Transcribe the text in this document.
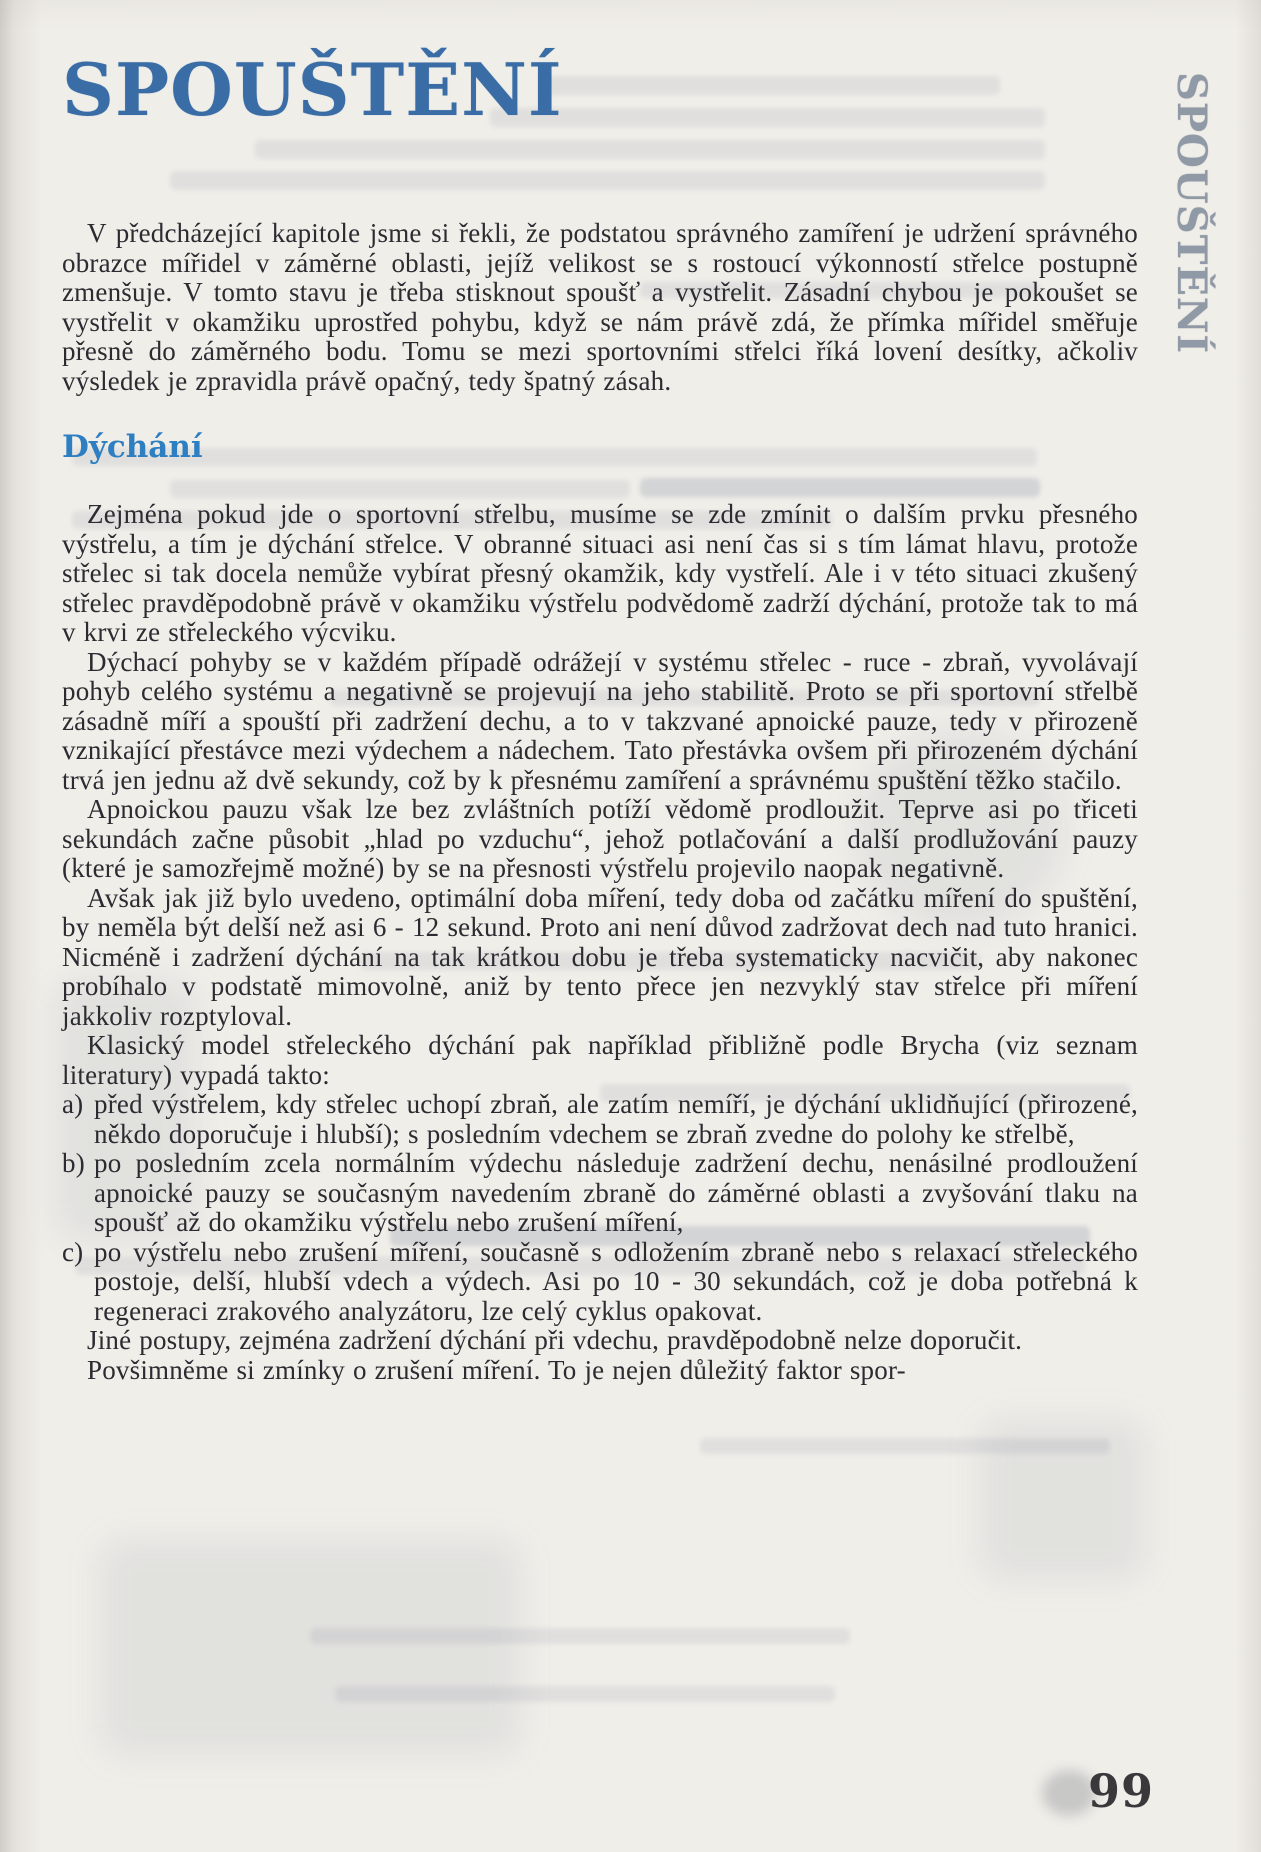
SPOUŠTĚNÍ
SPOUŠTĚNÍ

V předcházející kapitole jsme si řekli, že podstatou správného zamíření je udržení správného obrazce mířidel v záměrné oblasti, jejíž velikost se s rostoucí výkonností střelce postupně zmenšuje. V tomto stavu je třeba stisknout spoušť a vystřelit. Zásadní chybou je pokoušet se vystřelit v okamžiku uprostřed pohybu, když se nám právě zdá, že přímka mířidel směřuje přesně do záměrného bodu. Tomu se mezi sportovními střelci říká lovení desítky, ačkoliv výsledek je zpravidla právě opačný, tedy špatný zásah.

Dýchání

Zejména pokud jde o sportovní střelbu, musíme se zde zmínit o dalším prvku přesného výstřelu, a tím je dýchání střelce. V obranné situaci asi není čas si s tím lámat hlavu, protože střelec si tak docela nemůže vybírat přesný okamžik, kdy vystřelí. Ale i v této situaci zkušený střelec pravděpodobně právě v okamžiku výstřelu podvědomě zadrží dýchání, protože tak to má v krvi ze střeleckého výcviku.

Dýchací pohyby se v každém případě odrážejí v systému střelec - ruce - zbraň, vyvolávají pohyb celého systému a negativně se projevují na jeho stabilitě. Proto se při sportovní střelbě zásadně míří a spouští při zadržení dechu, a to v takzvané apnoické pauze, tedy v přirozeně vznikající přestávce mezi výdechem a nádechem. Tato přestávka ovšem při přirozeném dýchání trvá jen jednu až dvě sekundy, což by k přesnému zamíření a správnému spuštění těžko stačilo.

Apnoickou pauzu však lze bez zvláštních potíží vědomě prodloužit. Teprve asi po třiceti sekundách začne působit „hlad po vzduchu“, jehož potlačování a další prodlužování pauzy (které je samozřejmě možné) by se na přesnosti výstřelu projevilo naopak negativně.

Avšak jak již bylo uvedeno, optimální doba míření, tedy doba od začátku míření do spuštění, by neměla být delší než asi 6 - 12 sekund. Proto ani není důvod zadržovat dech nad tuto hranici. Nicméně i zadržení dýchání na tak krátkou dobu je třeba systematicky nacvičit, aby nakonec probíhalo v podstatě mimovolně, aniž by tento přece jen nezvyklý stav střelce při míření jakkoliv rozptyloval.

Klasický model střeleckého dýchání pak například přibližně podle Brycha (viz seznam literatury) vypadá takto:

a) před výstřelem, kdy střelec uchopí zbraň, ale zatím nemíří, je dýchání uklidňující (přirozené, někdo doporučuje i hlubší); s posledním vdechem se zbraň zvedne do polohy ke střelbě,
b) po posledním zcela normálním výdechu následuje zadržení dechu, nenásilné prodloužení apnoické pauzy se současným navedením zbraně do záměrné oblasti a zvyšování tlaku na spoušť až do okamžiku výstřelu nebo zrušení míření,
c) po výstřelu nebo zrušení míření, současně s odložením zbraně nebo s relaxací střeleckého postoje, delší, hlubší vdech a výdech. Asi po 10 - 30 sekundách, což je doba potřebná k regeneraci zrakového analyzátoru, lze celý cyklus opakovat.

Jiné postupy, zejména zadržení dýchání při vdechu, pravděpodobně nelze doporučit.

Povšimněme si zmínky o zrušení míření. To je nejen důležitý faktor spor-

99
